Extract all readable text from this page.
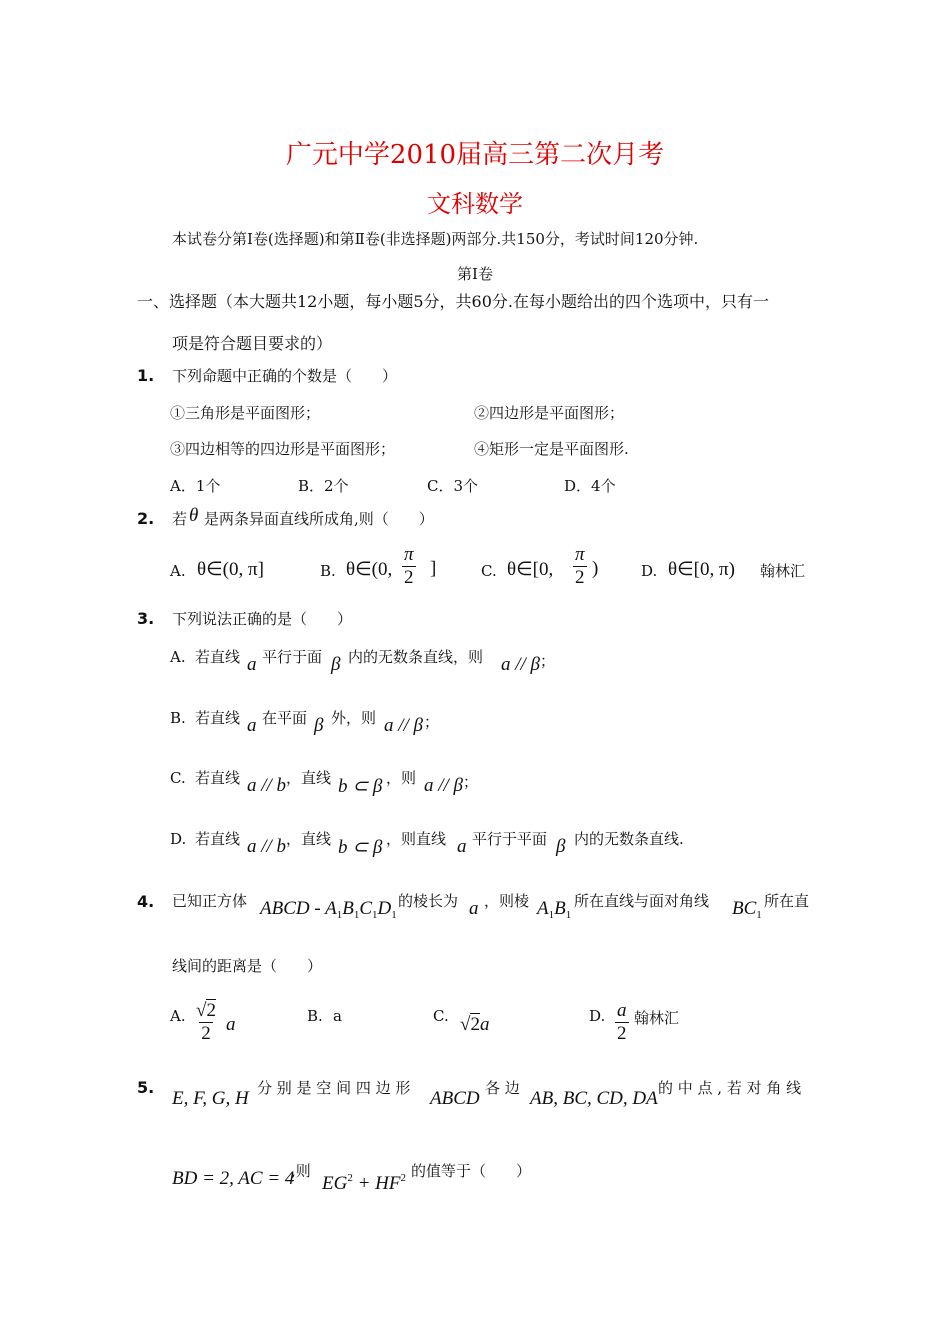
广元中学2010届高三第二次月考
文科数学
本试卷分第Ⅰ卷(选择题)和第Ⅱ卷(非选择题)两部分.共150分，考试时间120分钟.
第Ⅰ卷
一、选择题（本大题共12小题，每小题5分，共60分.在每小题给出的四个选项中，只有一
项是符合题目要求的）
1. 下列命题中正确的个数是（　　）
①三角形是平面图形；	②四边形是平面图形；
③四边相等的四边形是平面图形；	④矩形一定是平面图形.
A．1个	B．2个	C．3个	D．4个
2. 若 θ 是两条异面直线所成角,则（　　）
A. θ∈(0, π]	B. θ∈(0, $\frac{\pi}{2}$ ]	C. θ∈[0, $\frac{\pi}{2}$ )	D. θ∈[0, π) 翰林汇
3. 下列说法正确的是（　　）
A. 若直线 a 平行于面 β 内的无数条直线，则 a // β ；
B. 若直线 a 在平面 β 外，则 a // β ；
C. 若直线 a // b ，直线 b ⊂ β ，则 a // β ；
D. 若直线 a // b ，直线 b ⊂ β ，则直线 a 平行于平面 β 内的无数条直线.
4. 已知正方体 ABCD - $A_1B_1C_1D_1$
的棱长为 a ，则棱 $A_1B_1$
所在直线与面对角线 $BC_1$
所在直
线间的距离是（　　）
A. $\frac{√2}{2}$ a	B. a	C. √2a	D. $\frac{a}{2}$ 翰林汇
5.
E, F, G, H 分 别 是 空 间 四 边 形 ABCD 各 边 AB, BC, CD, DA 的 中 点 , 若 对 角 线
BD = 2, AC = 4
,则
$EG^2 + HF^2$ 的值等于（　　）
